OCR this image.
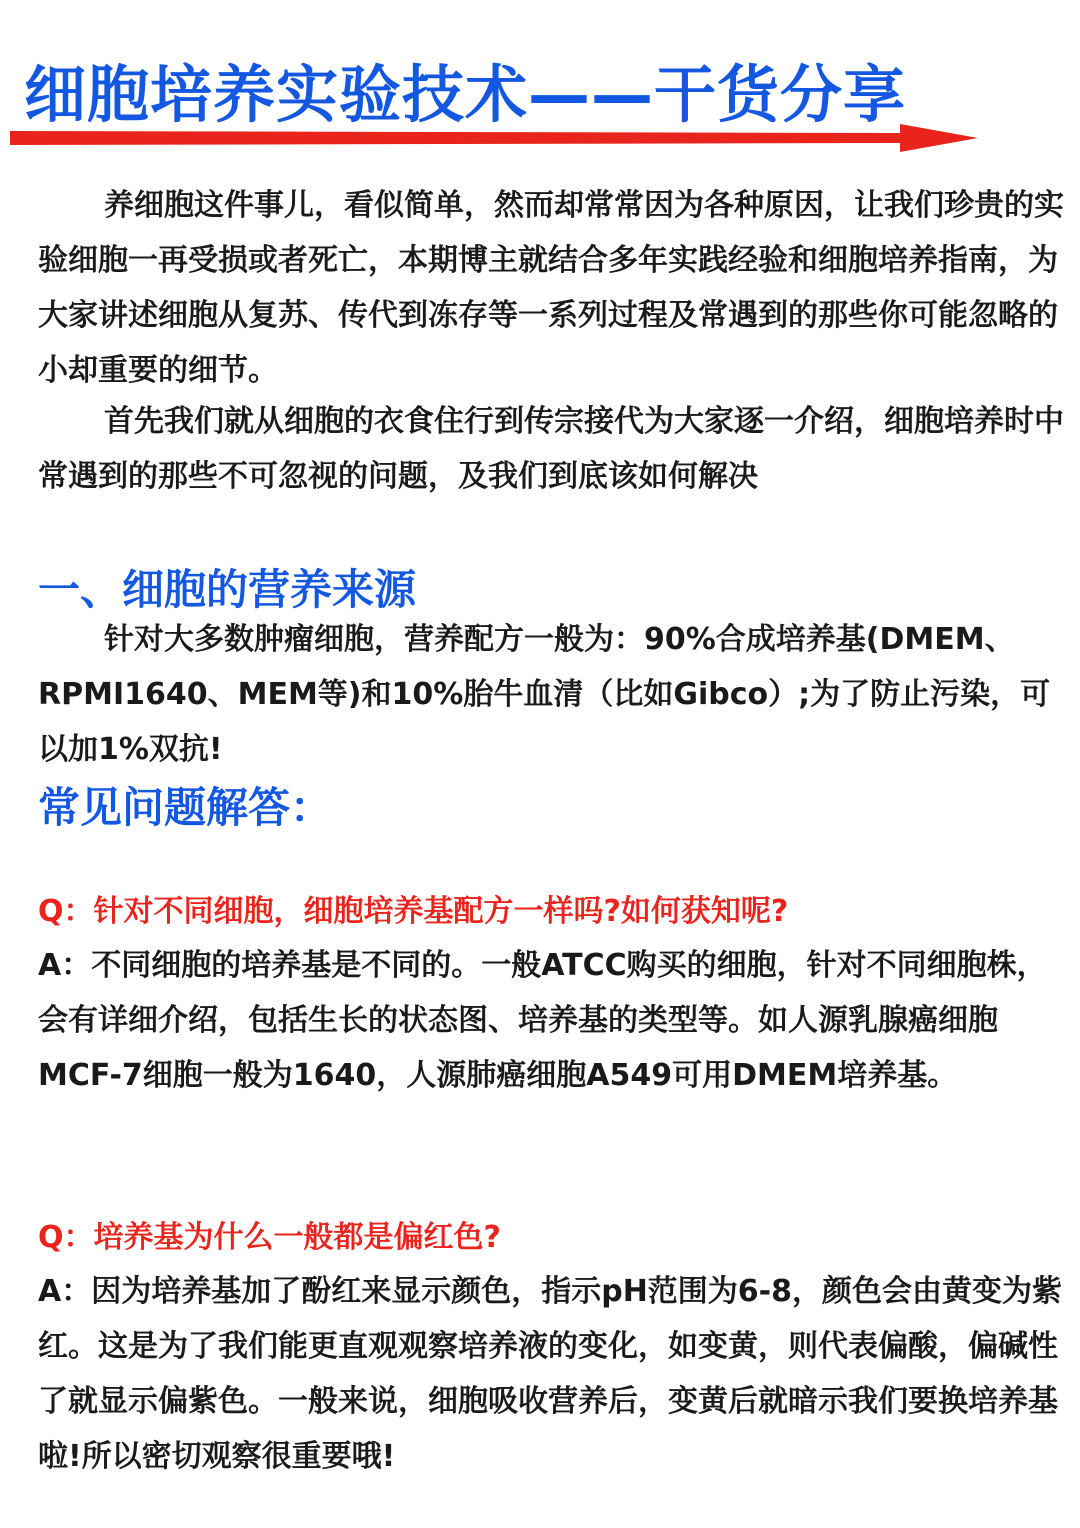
细胞培养实验技术——干货分享

养细胞这件事儿，看似简单，然而却常常因为各种原因，让我们珍贵的实验细胞一再受损或者死亡，本期博主就结合多年实践经验和细胞培养指南，为大家讲述细胞从复苏、传代到冻存等一系列过程及常遇到的那些你可能忽略的小却重要的细节。

首先我们就从细胞的衣食住行到传宗接代为大家逐一介绍，细胞培养时中常遇到的那些不可忽视的问题，及我们到底该如何解决

一、细胞的营养来源

针对大多数肿瘤细胞，营养配方一般为：90%合成培养基(DMEM、RPMI1640、MEM等)和10%胎牛血清（比如Gibco）;为了防止污染，可以加1%双抗!

常见问题解答：

Q：针对不同细胞，细胞培养基配方一样吗?如何获知呢?

A：不同细胞的培养基是不同的。一般ATCC购买的细胞，针对不同细胞株，会有详细介绍，包括生长的状态图、培养基的类型等。如人源乳腺癌细胞MCF-7细胞一般为1640，人源肺癌细胞A549可用DMEM培养基。

Q：培养基为什么一般都是偏红色?

A：因为培养基加了酚红来显示颜色，指示pH范围为6-8，颜色会由黄变为紫红。这是为了我们能更直观观察培养液的变化，如变黄，则代表偏酸，偏碱性了就显示偏紫色。一般来说，细胞吸收营养后，变黄后就暗示我们要换培养基啦!所以密切观察很重要哦!
